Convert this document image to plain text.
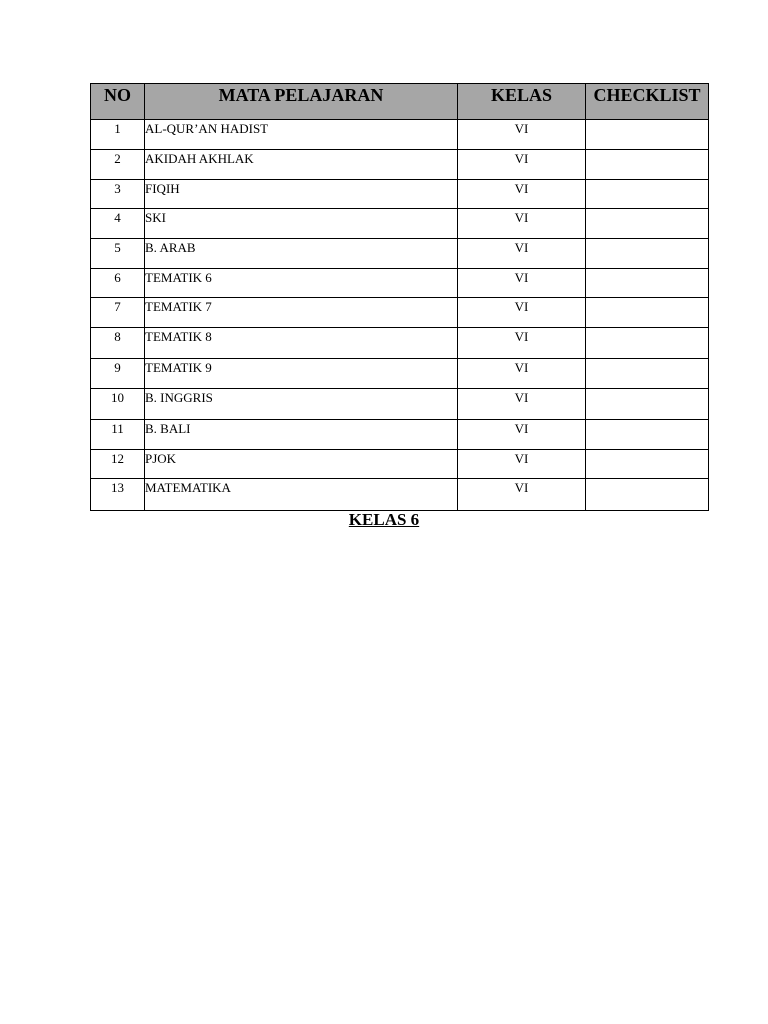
NO	MATA PELAJARAN	KELAS	CHECKLIST
1	AL-QUR’AN HADIST	VI	
2	AKIDAH AKHLAK	VI	
3	FIQIH	VI	
4	SKI	VI	
5	B. ARAB	VI	
6	TEMATIK 6	VI	
7	TEMATIK 7	VI	
8	TEMATIK 8	VI	
9	TEMATIK 9	VI	
10	B. INGGRIS	VI	
11	B. BALI	VI	
12	PJOK	VI	
13	MATEMATIKA	VI	
KELAS 6
